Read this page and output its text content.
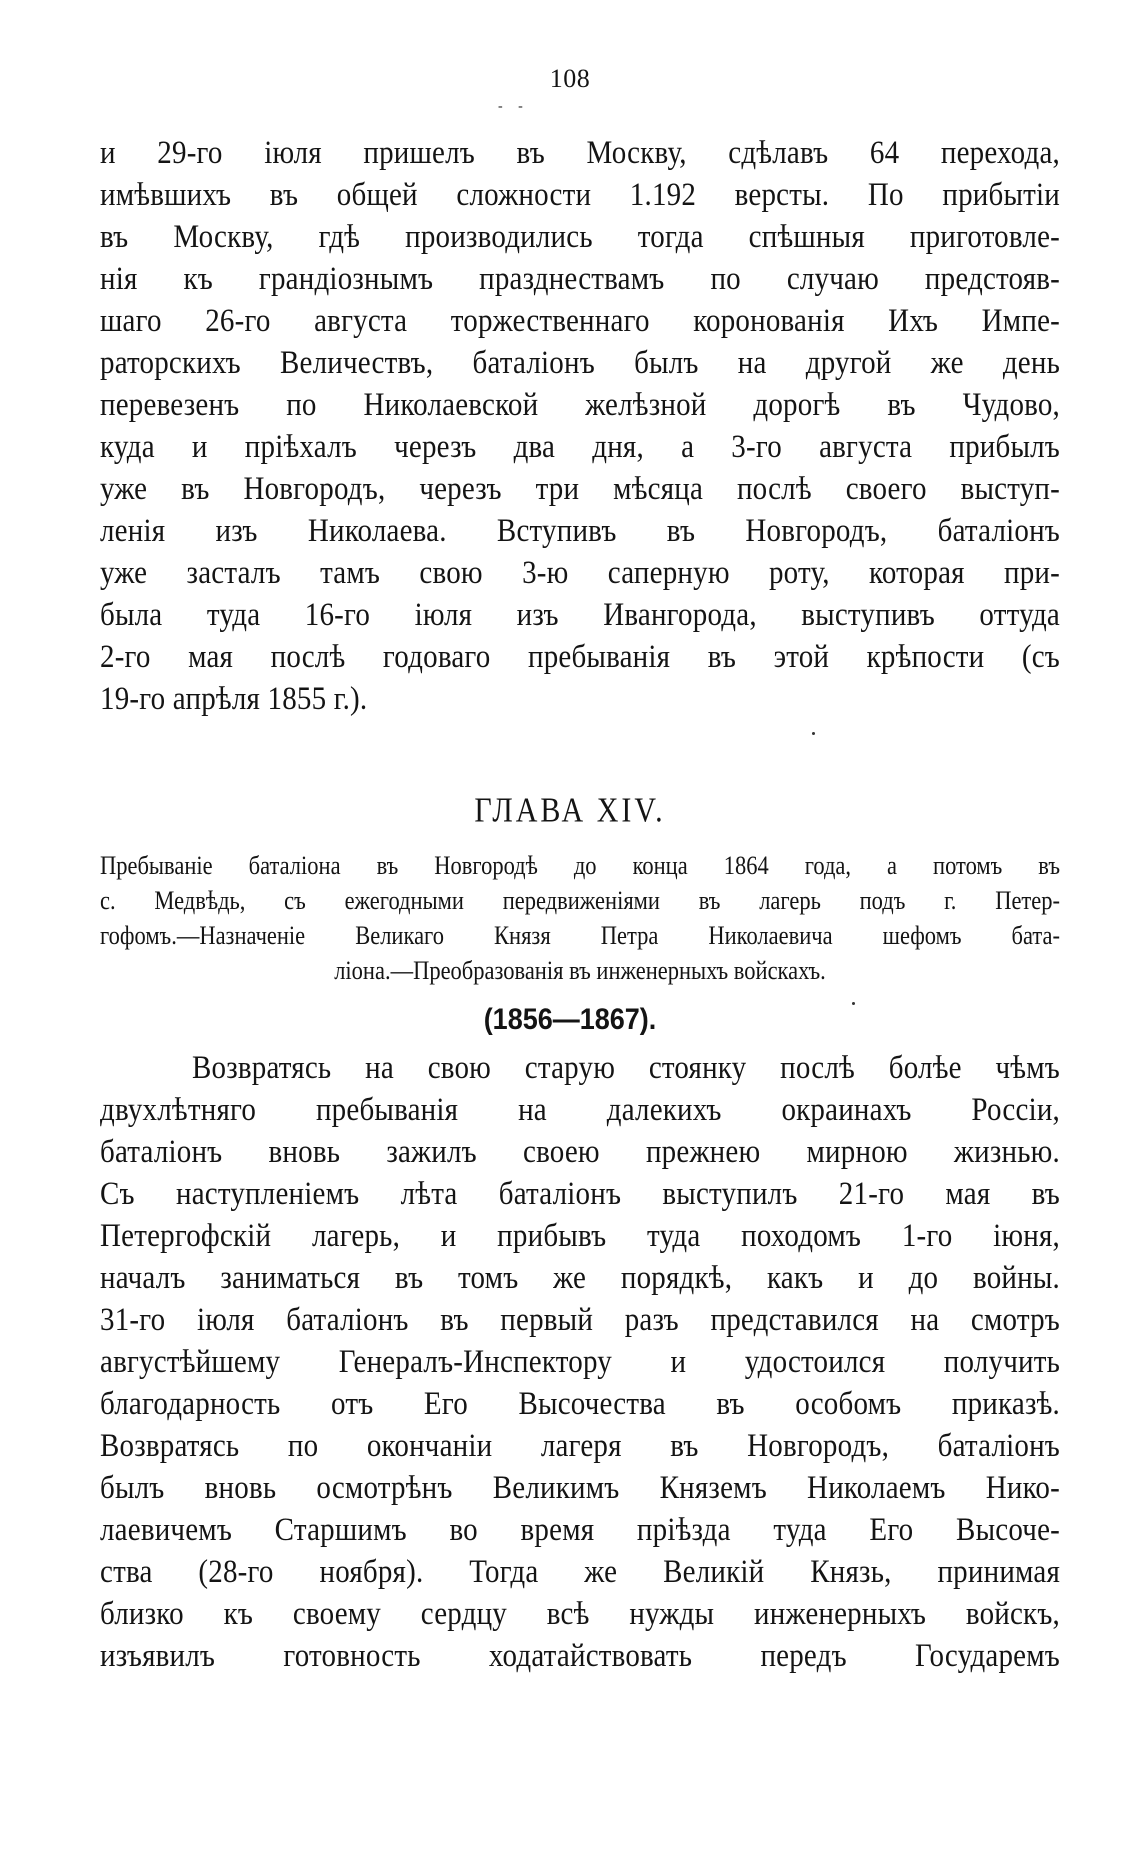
108
- -
и 29-го іюля пришелъ въ Москву, сдѣлавъ 64 перехода,
имѣвшихъ въ общей сложности 1.192 версты. По прибытіи
въ Москву, гдѣ производились тогда спѣшныя приготовле-
нія къ грандіознымъ празднествамъ по случаю предстояв-
шаго 26-го августа торжественнаго коронованія Ихъ Импе-
раторскихъ Величествъ, баталіонъ былъ на другой же день
перевезенъ по Николаевской желѣзной дорогѣ въ Чудово,
куда и пріѣхалъ черезъ два дня, а 3-го августа прибылъ
уже въ Новгородъ, черезъ три мѣсяца послѣ своего выступ-
ленія изъ Николаева. Вступивъ въ Новгородъ, баталіонъ
уже засталъ тамъ свою 3-ю саперную роту, которая при-
была туда 16-го іюля изъ Ивангорода, выступивъ оттуда
2-го мая послѣ годоваго пребыванія въ этой крѣпости (съ
19-го апрѣля 1855 г.).
ГЛАВА XIV.
Пребываніе баталіона въ Новгородѣ до конца 1864 года, а потомъ въ
с. Медвѣдь, съ ежегодными передвиженіями въ лагерь подъ г. Петер-
гофомъ.—Назначеніе Великаго Князя Петра Николаевича шефомъ бата-
ліона.—Преобразованія въ инженерныхъ войскахъ.
(1856—1867).
Возвратясь на свою старую стоянку послѣ болѣе чѣмъ
двухлѣтняго пребыванія на далекихъ окраинахъ Россіи,
баталіонъ вновь зажилъ своею прежнею мирною жизнью.
Съ наступленіемъ лѣта баталіонъ выступилъ 21-го мая въ
Петергофскій лагерь, и прибывъ туда походомъ 1-го іюня,
началъ заниматься въ томъ же порядкѣ, какъ и до войны.
31-го іюля баталіонъ въ первый разъ представился на смотръ
августѣйшему Генералъ-Инспектору и удостоился получить
благодарность отъ Его Высочества въ особомъ приказѣ.
Возвратясь по окончаніи лагеря въ Новгородъ, баталіонъ
былъ вновь осмотрѣнъ Великимъ Княземъ Николаемъ Нико-
лаевичемъ Старшимъ во время пріѣзда туда Его Высоче-
ства (28-го ноября). Тогда же Великій Князь, принимая
близко къ своему сердцу всѣ нужды инженерныхъ войскъ,
изъявилъ готовность ходатайствовать передъ Государемъ
